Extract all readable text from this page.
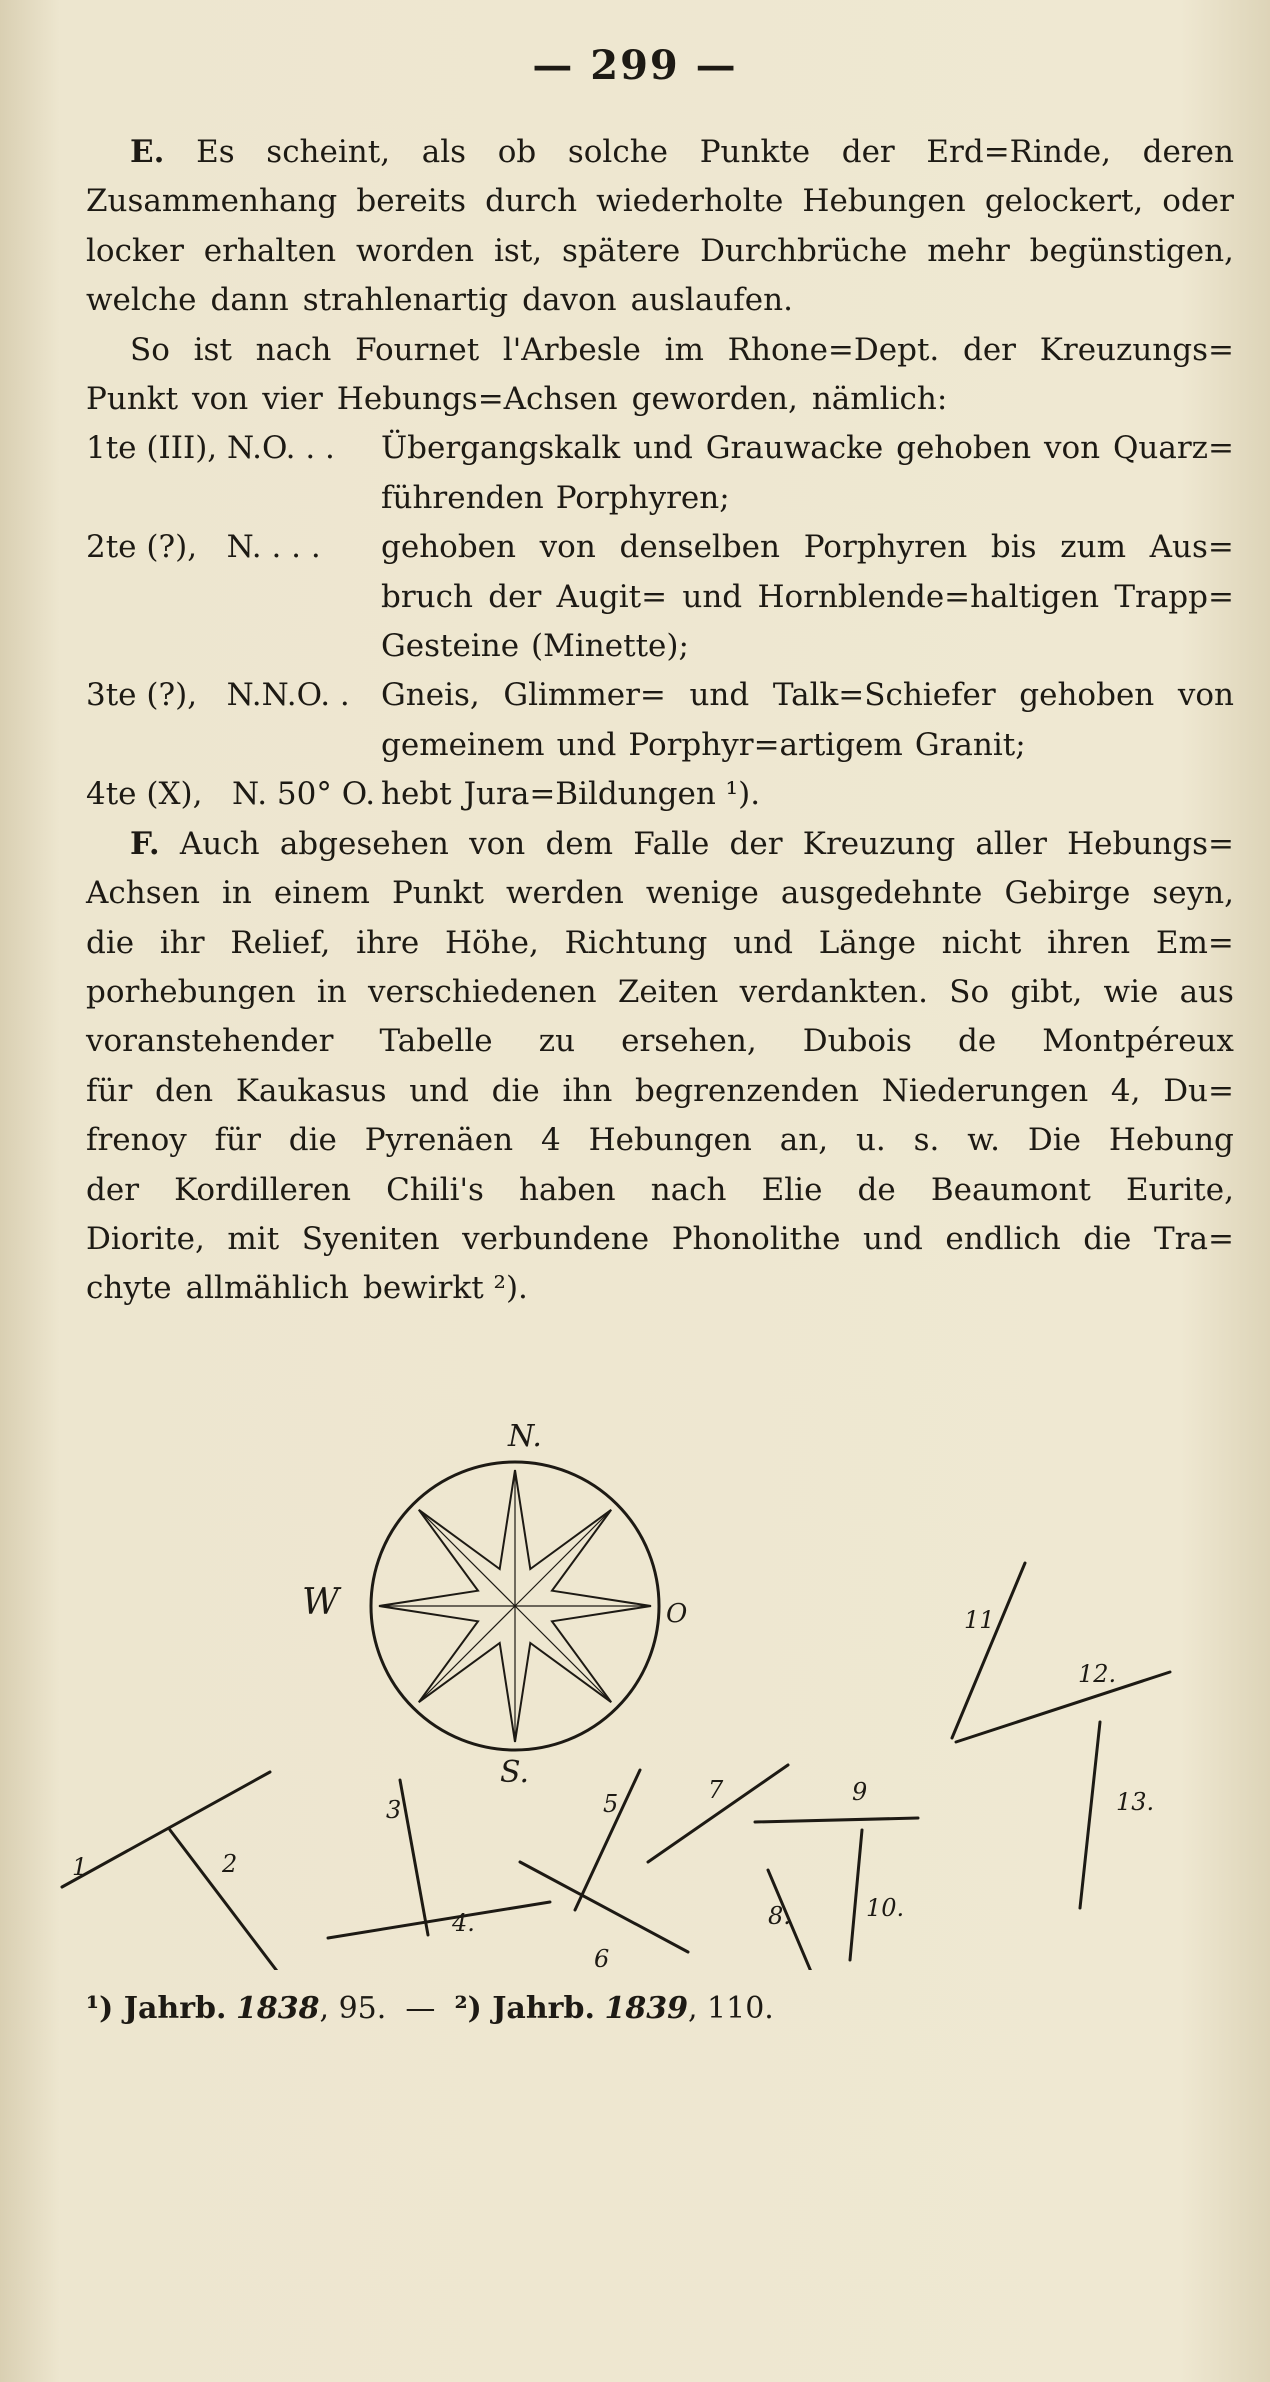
— 299 —
E. Es scheint, als ob solche Punkte der Erd=Rinde, deren
Zusammenhang bereits durch wiederholte Hebungen gelockert, oder
locker erhalten worden ist, spätere Durchbrüche mehr begünstigen,
welche dann strahlenartig davon auslaufen.
So ist nach Fournet l'Arbesle im Rhone=Dept. der Kreuzungs=
Punkt von vier Hebungs=Achsen geworden, nämlich:
1te (III), N.O. . .	Übergangskalk und Grauwacke gehoben von Quarz=
führenden Porphyren;
2te (?),   N. . . .	gehoben von denselben Porphyren bis zum Aus=
bruch der Augit= und Hornblende=haltigen Trapp=
Gesteine (Minette);
3te (?),   N.N.O. .	Gneis, Glimmer= und Talk=Schiefer gehoben von
gemeinem und Porphyr=artigem Granit;
4te (X),   N. 50° O. hebt Jura=Bildungen ¹).
F. Auch abgesehen von dem Falle der Kreuzung aller Hebungs=
Achsen in einem Punkt werden wenige ausgedehnte Gebirge seyn,
die ihr Relief, ihre Höhe, Richtung und Länge nicht ihren Em=
porhebungen in verschiedenen Zeiten verdankten. So gibt, wie aus
voranstehender Tabelle zu ersehen, Dubois de Montpéreux
für den Kaukasus und die ihn begrenzenden Niederungen 4, Du=
frenoy für die Pyrenäen 4 Hebungen an, u. s. w. Die Hebung
der Kordilleren Chili's haben nach Elie de Beaumont Eurite,
Diorite, mit Syeniten verbundene Phonolithe und endlich die Tra=
chyte allmählich bewirkt ²).
N.
S.
W	O
1	2
3
4.
5
6
7
8.
9
10.
11
12.
13.
¹) Jahrb. 1838, 95. — ²) Jahrb. 1839, 110.
